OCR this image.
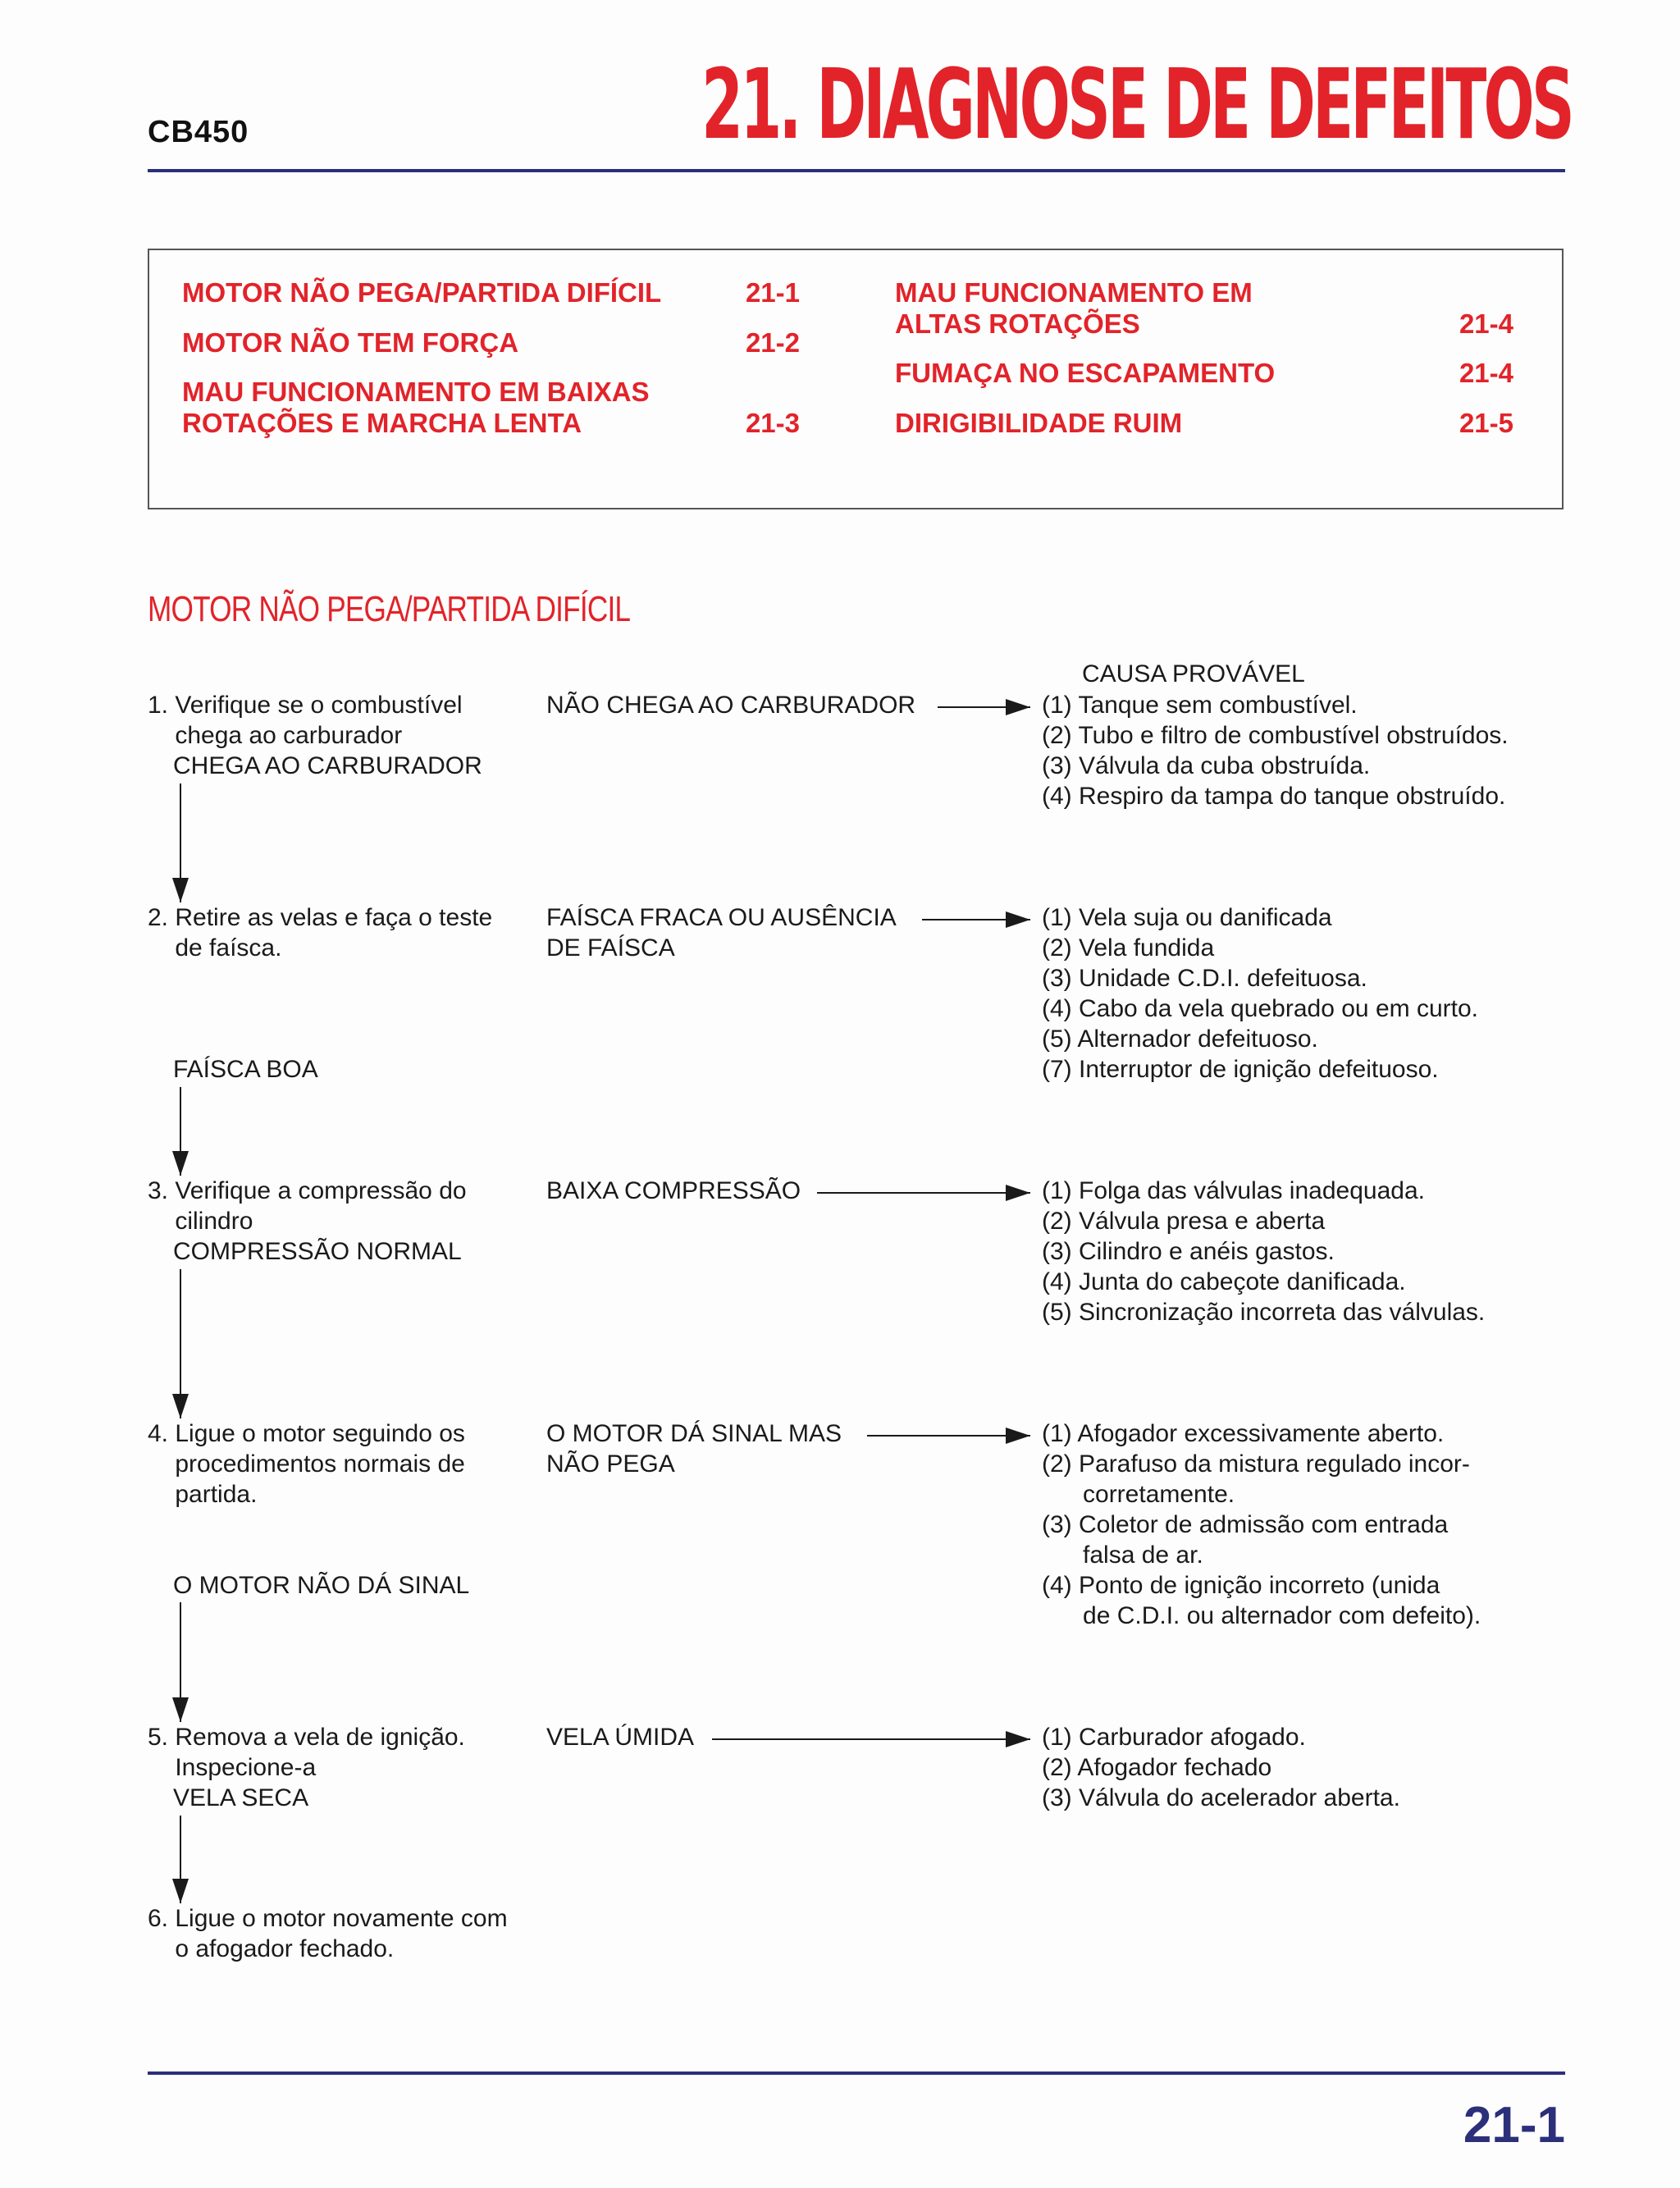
CB450	21. DIAGNOSE DE DEFEITOS
MOTOR NÃO PEGA/PARTIDA DIFÍCIL	21-1
MOTOR NÃO TEM FORÇA	21-2
MAU FUNCIONAMENTO EM BAIXAS
ROTAÇÕES E MARCHA LENTA	21-3
MAU FUNCIONAMENTO EM
ALTAS ROTAÇÕES	21-4
FUMAÇA NO ESCAPAMENTO	21-4
DIRIGIBILIDADE RUIM	21-5
MOTOR NÃO PEGA/PARTIDA DIFÍCIL
CAUSA PROVÁVEL
1. Verifique se o combustível
chega ao carburador
CHEGA AO CARBURADOR
NÃO CHEGA AO CARBURADOR	(1) Tanque sem combustível.
(2) Tubo e filtro de combustível obstruídos.
(3) Válvula da cuba obstruída.
(4) Respiro da tampa do tanque obstruído.
2. Retire as velas e faça o teste
de faísca.
FAÍSCA BOA
FAÍSCA FRACA OU AUSÊNCIA
DE FAÍSCA
(1) Vela suja ou danificada
(2) Vela fundida
(3) Unidade C.D.I. defeituosa.
(4) Cabo da vela quebrado ou em curto.
(5) Alternador defeituoso.
(7) Interruptor de ignição defeituoso.
3. Verifique a compressão do
cilindro
COMPRESSÃO NORMAL
BAIXA COMPRESSÃO	(1) Folga das válvulas inadequada.
(2) Válvula presa e aberta
(3) Cilindro e anéis gastos.
(4) Junta do cabeçote danificada.
(5) Sincronização incorreta das válvulas.
4. Ligue o motor seguindo os
procedimentos normais de
partida.
O MOTOR NÃO DÁ SINAL
O MOTOR DÁ SINAL MAS
NÃO PEGA
(1) Afogador excessivamente aberto.
(2) Parafuso da mistura regulado incor-
corretamente.
(3) Coletor de admissão com entrada
falsa de ar.
(4) Ponto de ignição incorreto (unida
de C.D.I. ou alternador com defeito).
5. Remova a vela de ignição.
Inspecione-a
VELA SECA
VELA ÚMIDA	(1) Carburador afogado.
(2) Afogador fechado
(3) Válvula do acelerador aberta.
6. Ligue o motor novamente com
o afogador fechado.
21-1
